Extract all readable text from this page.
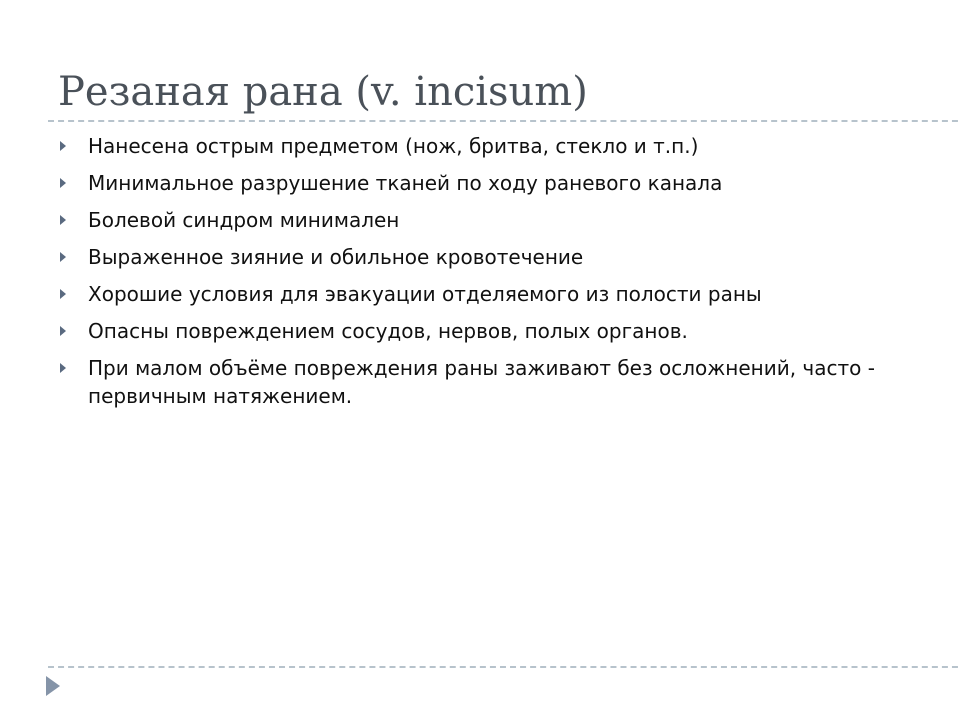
Резаная рана (v. incisum)
Нанесена острым предметом (нож, бритва, стекло и т.п.)
Минимальное разрушение тканей по ходу раневого канала
Болевой синдром минимален
Выраженное зияние и обильное кровотечение
Хорошие условия для эвакуации отделяемого из полости раны
Опасны повреждением сосудов, нервов, полых органов.
При малом объёме повреждения раны заживают без осложнений, часто - первичным натяжением.
